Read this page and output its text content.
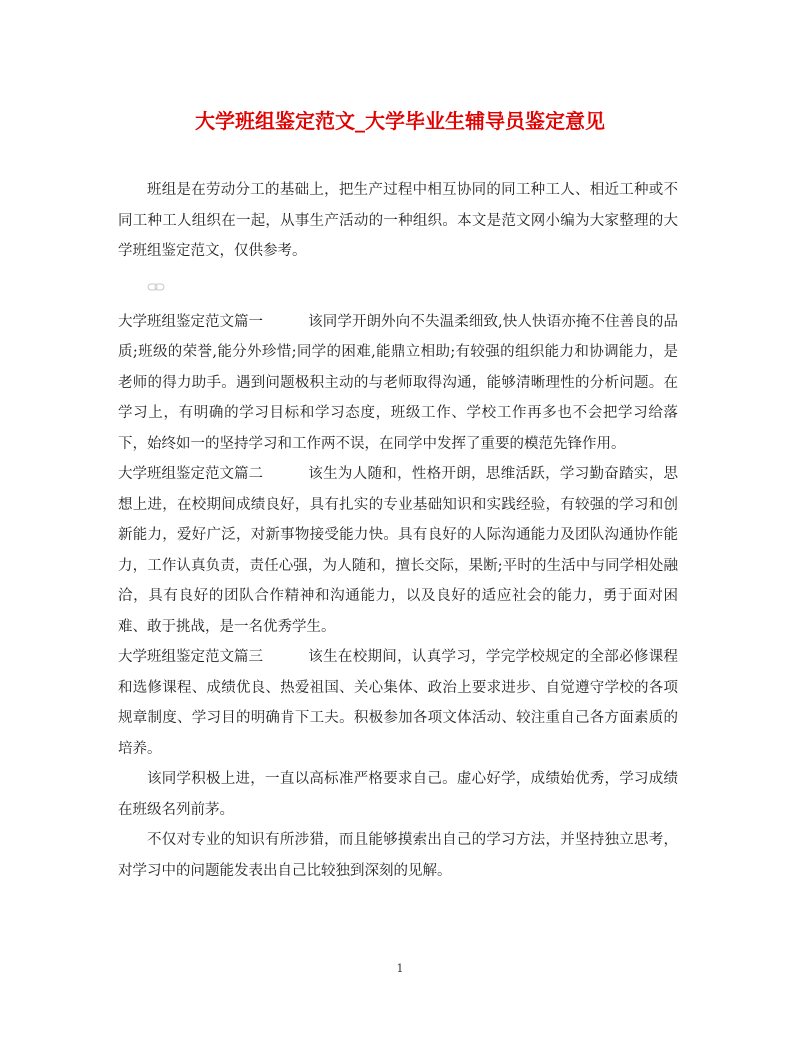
大学班组鉴定范文_大学毕业生辅导员鉴定意见

班组是在劳动分工的基础上，把生产过程中相互协同的同工种工人、相近工种或不同工种工人组织在一起，从事生产活动的一种组织。本文是范文网小编为大家整理的大学班组鉴定范文，仅供参考。

大学班组鉴定范文篇一	该同学开朗外向不失温柔细致,快人快语亦掩不住善良的品质;班级的荣誉,能分外珍惜;同学的困难,能鼎立相助;有较强的组织能力和协调能力，是老师的得力助手。遇到问题极积主动的与老师取得沟通，能够清晰理性的分析问题。在学习上，有明确的学习目标和学习态度，班级工作、学校工作再多也不会把学习给落下，始终如一的坚持学习和工作两不误，在同学中发挥了重要的模范先锋作用。

大学班组鉴定范文篇二	该生为人随和，性格开朗，思维活跃，学习勤奋踏实，思想上进，在校期间成绩良好，具有扎实的专业基础知识和实践经验，有较强的学习和创新能力，爱好广泛，对新事物接受能力快。具有良好的人际沟通能力及团队沟通协作能力，工作认真负责，责任心强，为人随和，擅长交际，果断;平时的生活中与同学相处融洽，具有良好的团队合作精神和沟通能力，以及良好的适应社会的能力，勇于面对困难、敢于挑战，是一名优秀学生。

大学班组鉴定范文篇三	该生在校期间，认真学习，学完学校规定的全部必修课程和选修课程、成绩优良、热爱祖国、关心集体、政治上要求进步、自觉遵守学校的各项规章制度、学习目的明确肯下工夫。积极参加各项文体活动、较注重自己各方面素质的培养。

该同学积极上进，一直以高标准严格要求自己。虚心好学，成绩始优秀，学习成绩在班级名列前茅。

不仅对专业的知识有所涉猎，而且能够摸索出自己的学习方法，并坚持独立思考，对学习中的问题能发表出自己比较独到深刻的见解。

1
